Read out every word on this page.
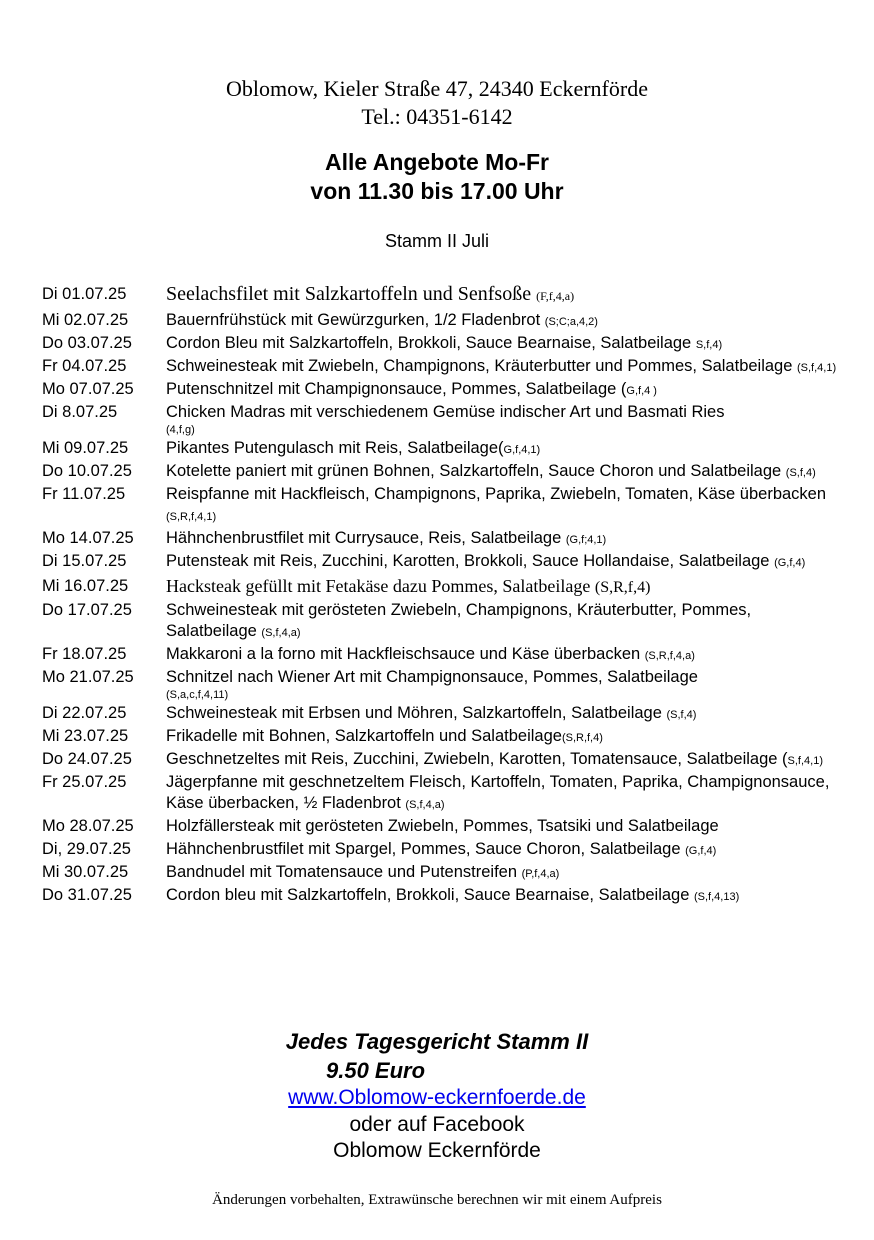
Oblomow, Kieler Straße 47, 24340 Eckernförde
Tel.: 04351-6142
Alle Angebote Mo-Fr
von 11.30 bis 17.00 Uhr
Stamm II Juli
Di 01.07.25	Seelachsfilet mit Salzkartoffeln und Senfsoße (F,f,4,a)
Mi 02.07.25	Bauernfrühstück mit Gewürzgurken, 1/2 Fladenbrot (S;C;a,4,2)
Do 03.07.25	Cordon Bleu mit Salzkartoffeln, Brokkoli, Sauce Bearnaise, Salatbeilage S,f,4)
Fr 04.07.25	Schweinesteak mit Zwiebeln, Champignons, Kräuterbutter und Pommes, Salatbeilage (S,f,4,1)
Mo 07.07.25	Putenschnitzel mit Champignonsauce, Pommes, Salatbeilage (G,f,4 )
Di 8.07.25	Chicken Madras mit verschiedenem Gemüse indischer Art und Basmati Ries
(4,f,g)
Mi 09.07.25	Pikantes Putengulasch mit Reis, Salatbeilage(G,f,4,1)
Do 10.07.25	Kotelette paniert mit grünen Bohnen, Salzkartoffeln, Sauce Choron und Salatbeilage (S,f,4)
Fr 11.07.25	Reispfanne mit Hackfleisch, Champignons, Paprika, Zwiebeln, Tomaten, Käse überbacken (S,R,f,4,1)
Mo 14.07.25	Hähnchenbrustfilet mit Currysauce, Reis, Salatbeilage (G,f;4,1)
Di 15.07.25	Putensteak mit Reis, Zucchini, Karotten, Brokkoli, Sauce Hollandaise, Salatbeilage (G,f,4)
Mi 16.07.25	Hacksteak gefüllt mit Fetakäse dazu Pommes, Salatbeilage (S,R,f,4)
Do 17.07.25	Schweinesteak mit gerösteten Zwiebeln, Champignons, Kräuterbutter, Pommes, Salatbeilage (S,f,4,a)
Fr 18.07.25	Makkaroni a la forno mit Hackfleischsauce und Käse überbacken (S,R,f,4,a)
Mo 21.07.25	Schnitzel nach Wiener Art mit Champignonsauce, Pommes, Salatbeilage
(S,a,c,f,4,11)
Di 22.07.25	Schweinesteak mit Erbsen und Möhren, Salzkartoffeln, Salatbeilage (S,f,4)
Mi 23.07.25	Frikadelle mit Bohnen, Salzkartoffeln und Salatbeilage(S,R,f,4)
Do 24.07.25	Geschnetzeltes mit Reis, Zucchini, Zwiebeln, Karotten, Tomatensauce, Salatbeilage (S,f,4,1)
Fr 25.07.25	Jägerpfanne mit geschnetzeltem Fleisch, Kartoffeln, Tomaten, Paprika, Champignonsauce, Käse überbacken, ½ Fladenbrot (S,f,4,a)
Mo 28.07.25	Holzfällersteak mit gerösteten Zwiebeln, Pommes, Tsatsiki und Salatbeilage
Di, 29.07.25	Hähnchenbrustfilet mit Spargel, Pommes, Sauce Choron, Salatbeilage (G,f,4)
Mi 30.07.25	Bandnudel mit Tomatensauce und Putenstreifen (P,f,4,a)
Do 31.07.25	Cordon bleu mit Salzkartoffeln, Brokkoli, Sauce Bearnaise, Salatbeilage (S,f,4,13)
Jedes Tagesgericht Stamm II
9.50 Euro
www.Oblomow-eckernfoerde.de
oder auf Facebook
Oblomow Eckernförde
Änderungen vorbehalten, Extrawünsche berechnen wir mit einem Aufpreis
